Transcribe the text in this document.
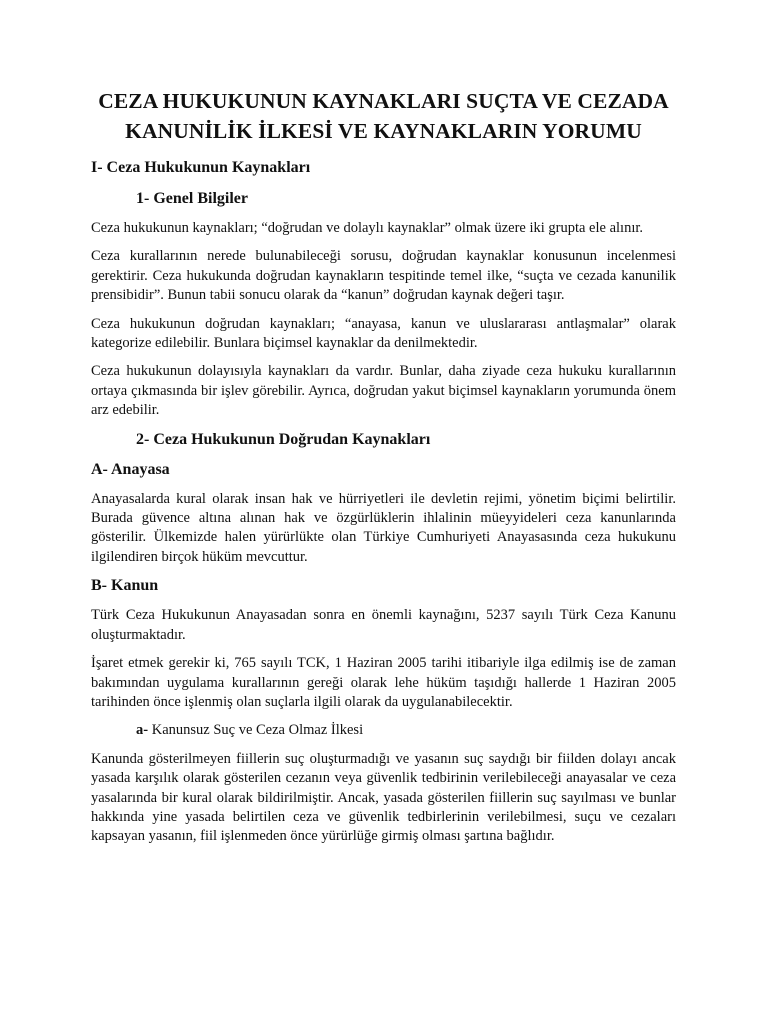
CEZA HUKUKUNUN KAYNAKLARI SUÇTA VE CEZADA KANUNİLİK İLKESİ VE KAYNAKLARIN YORUMU
I- Ceza Hukukunun Kaynakları
1- Genel Bilgiler

Ceza hukukunun kaynakları; “doğrudan ve dolaylı kaynaklar” olmak üzere iki grupta ele alınır.

Ceza kurallarının nerede bulunabileceği sorusu, doğrudan kaynaklar konusunun incelenmesi gerektirir. Ceza hukukunda doğrudan kaynakların tespitinde temel ilke, “suçta ve cezada kanunilik prensibidir”. Bunun tabii sonucu olarak da “kanun” doğrudan kaynak değeri taşır.

Ceza hukukunun doğrudan kaynakları; “anayasa, kanun ve uluslararası antlaşmalar” olarak kategorize edilebilir. Bunlara biçimsel kaynaklar da denilmektedir.

Ceza hukukunun dolayısıyla kaynakları da vardır. Bunlar, daha ziyade ceza hukuku kurallarının ortaya çıkmasında bir işlev görebilir. Ayrıca, doğrudan yakut biçimsel kaynakların yorumunda önem arz edebilir.

2- Ceza Hukukunun Doğrudan Kaynakları
A- Anayasa

Anayasalarda kural olarak insan hak ve hürriyetleri ile devletin rejimi, yönetim biçimi belirtilir. Burada güvence altına alınan hak ve özgürlüklerin ihlalinin müeyyideleri ceza kanunlarında gösterilir. Ülkemizde halen yürürlükte olan Türkiye Cumhuriyeti Anayasasında ceza hukukunu ilgilendiren birçok hüküm mevcuttur.

B- Kanun

Türk Ceza Hukukunun Anayasadan sonra en önemli kaynağını, 5237 sayılı Türk Ceza Kanunu oluşturmaktadır.

İşaret etmek gerekir ki, 765 sayılı TCK, 1 Haziran 2005 tarihi itibariyle ilga edilmiş ise de zaman bakımından uygulama kurallarının gereği olarak lehe hüküm taşıdığı hallerde 1 Haziran 2005 tarihinden önce işlenmiş olan suçlarla ilgili olarak da uygulanabilecektir.

a- Kanunsuz Suç ve Ceza Olmaz İlkesi

Kanunda gösterilmeyen fiillerin suç oluşturmadığı ve yasanın suç saydığı bir fiilden dolayı ancak yasada karşılık olarak gösterilen cezanın veya güvenlik tedbirinin verilebileceği anayasalar ve ceza yasalarında bir kural olarak bildirilmiştir. Ancak, yasada gösterilen fiillerin suç sayılması ve bunlar hakkında yine yasada belirtilen ceza ve güvenlik tedbirlerinin verilebilmesi, suçu ve cezaları kapsayan yasanın, fiil işlenmeden önce yürürlüğe girmiş olması şartına bağlıdır.
